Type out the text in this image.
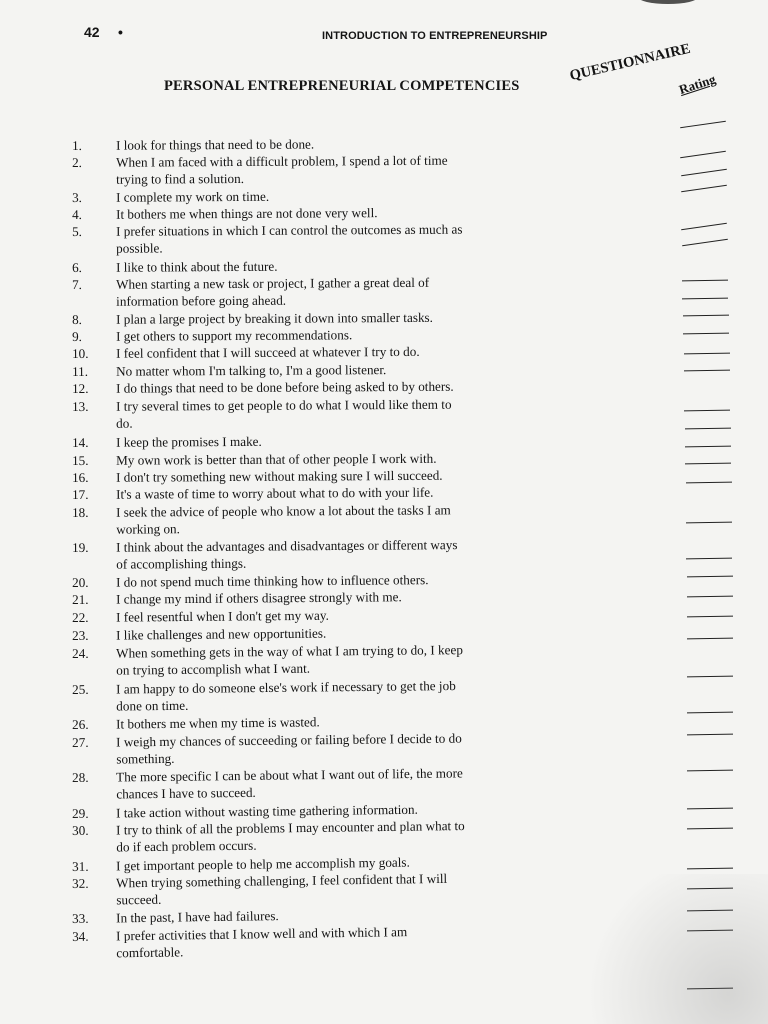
42 •	INTRODUCTION TO ENTREPRENEURSHIP
PERSONAL ENTREPRENEURIAL COMPETENCIES
QUESTIONNAIRE
Rating
1.	I look for things that need to be done.
2.	When I am faced with a difficult problem, I spend a lot of time
trying to find a solution.
3.	I complete my work on time.
4.	It bothers me when things are not done very well.
5.	I prefer situations in which I can control the outcomes as much as
possible.
6.	I like to think about the future.
7.	When starting a new task or project, I gather a great deal of
information before going ahead.
8.	I plan a large project by breaking it down into smaller tasks.
9.	I get others to support my recommendations.
10.	I feel confident that I will succeed at whatever I try to do.
11.	No matter whom I'm talking to, I'm a good listener.
12.	I do things that need to be done before being asked to by others.
13.	I try several times to get people to do what I would like them to
do.
14.	I keep the promises I make.
15.	My own work is better than that of other people I work with.
16.	I don't try something new without making sure I will succeed.
17.	It's a waste of time to worry about what to do with your life.
18.	I seek the advice of people who know a lot about the tasks I am
working on.
19.	I think about the advantages and disadvantages or different ways
of accomplishing things.
20.	I do not spend much time thinking how to influence others.
21.	I change my mind if others disagree strongly with me.
22.	I feel resentful when I don't get my way.
23.	I like challenges and new opportunities.
24.	When something gets in the way of what I am trying to do, I keep
on trying to accomplish what I want.
25.	I am happy to do someone else's work if necessary to get the job
done on time.
26.	It bothers me when my time is wasted.
27.	I weigh my chances of succeeding or failing before I decide to do
something.
28.	The more specific I can be about what I want out of life, the more
chances I have to succeed.
29.	I take action without wasting time gathering information.
30.	I try to think of all the problems I may encounter and plan what to
do if each problem occurs.
31.	I get important people to help me accomplish my goals.
32.	When trying something challenging, I feel confident that I will
succeed.
33.	In the past, I have had failures.
34.	I prefer activities that I know well and with which I am
comfortable.
